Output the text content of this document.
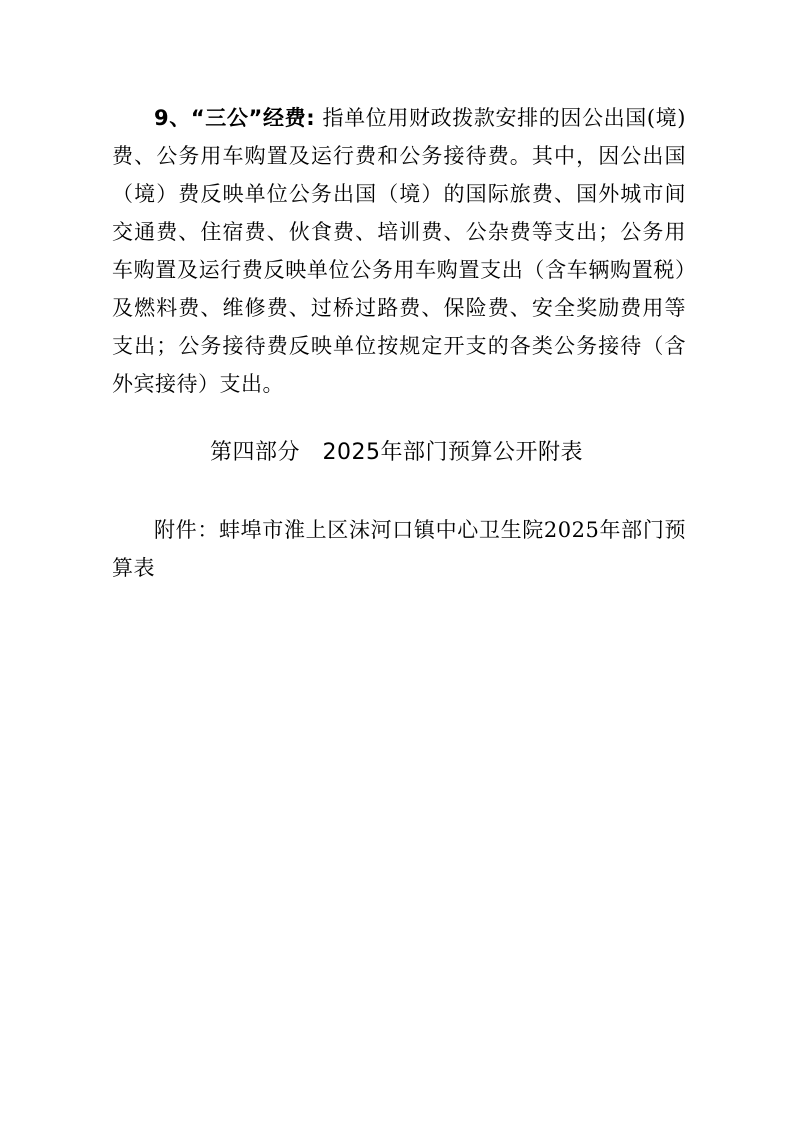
9、“三公”经费: 指单位用财政拨款安排的因公出国(境)费、公务用车购置及运行费和公务接待费。其中，因公出国（境）费反映单位公务出国（境）的国际旅费、国外城市间交通费、住宿费、伙食费、培训费、公杂费等支出；公务用车购置及运行费反映单位公务用车购置支出（含车辆购置税）及燃料费、维修费、过桥过路费、保险费、安全奖励费用等支出；公务接待费反映单位按规定开支的各类公务接待（含外宾接待）支出。

第四部分　2025年部门预算公开附表

附件：蚌埠市淮上区沫河口镇中心卫生院2025年部门预算表
